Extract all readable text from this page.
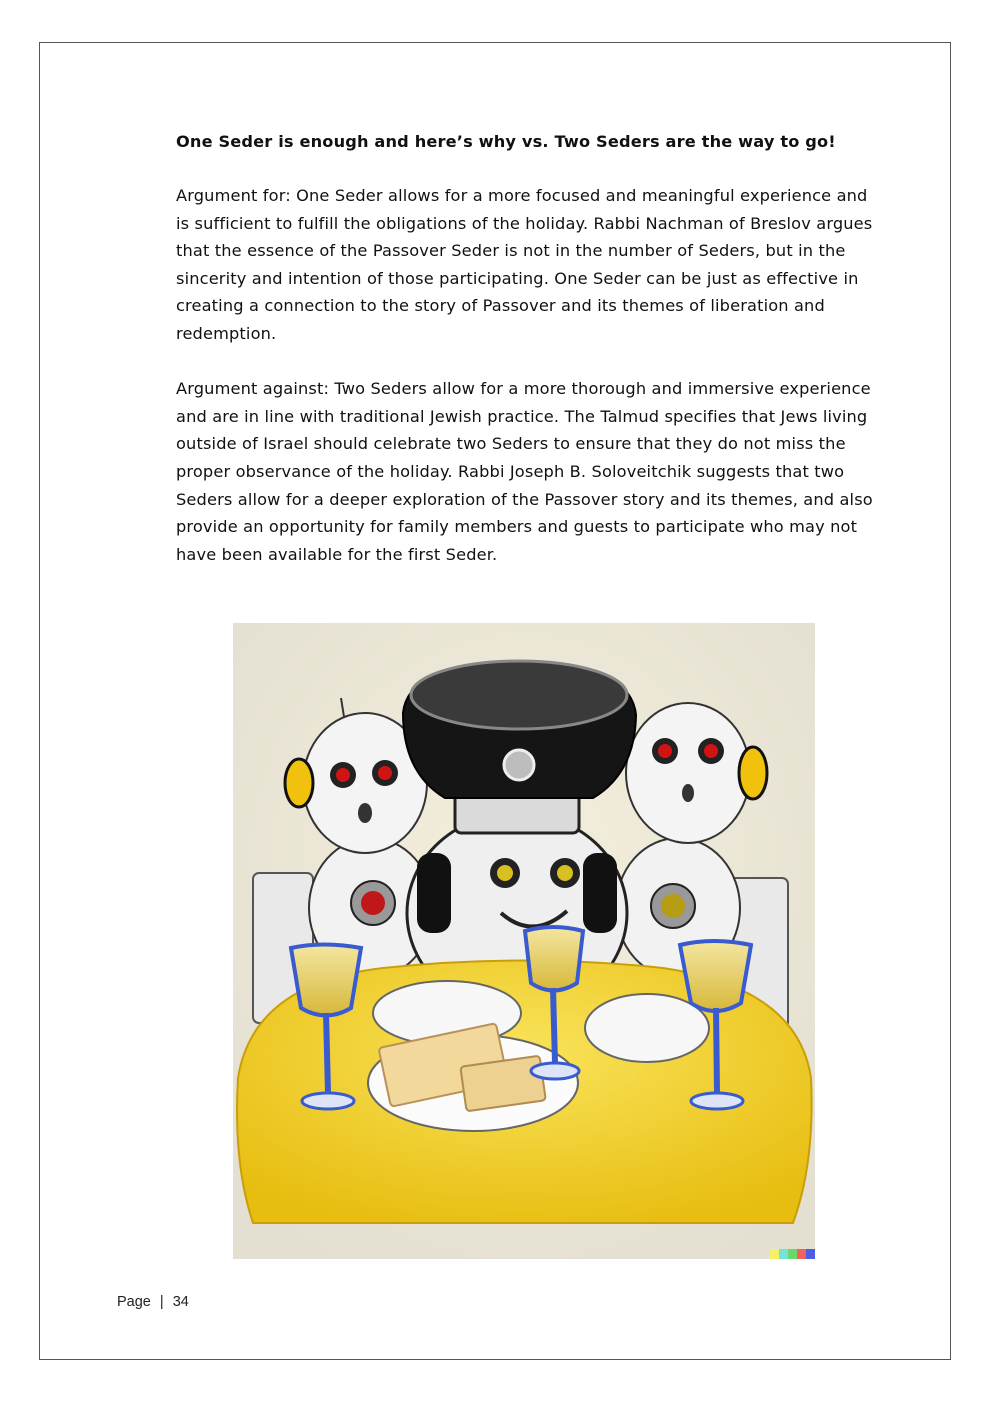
One Seder is enough and here’s why vs. Two Seders are the way to go!

Argument for: One Seder allows for a more focused and meaningful experience and is sufficient to fulfill the obligations of the holiday. Rabbi Nachman of Breslov argues that the essence of the Passover Seder is not in the number of Seders, but in the sincerity and intention of those participating. One Seder can be just as effective in creating a connection to the story of Passover and its themes of liberation and redemption.

Argument against: Two Seders allow for a more thorough and immersive experience and are in line with traditional Jewish practice. The Talmud specifies that Jews living outside of Israel should celebrate two Seders to ensure that they do not miss the proper observance of the holiday. Rabbi Joseph B. Soloveitchik suggests that two Seders allow for a deeper exploration of the Passover story and its themes, and also provide an opportunity for family members and guests to participate who may not have been available for the first Seder.

Page | 34
